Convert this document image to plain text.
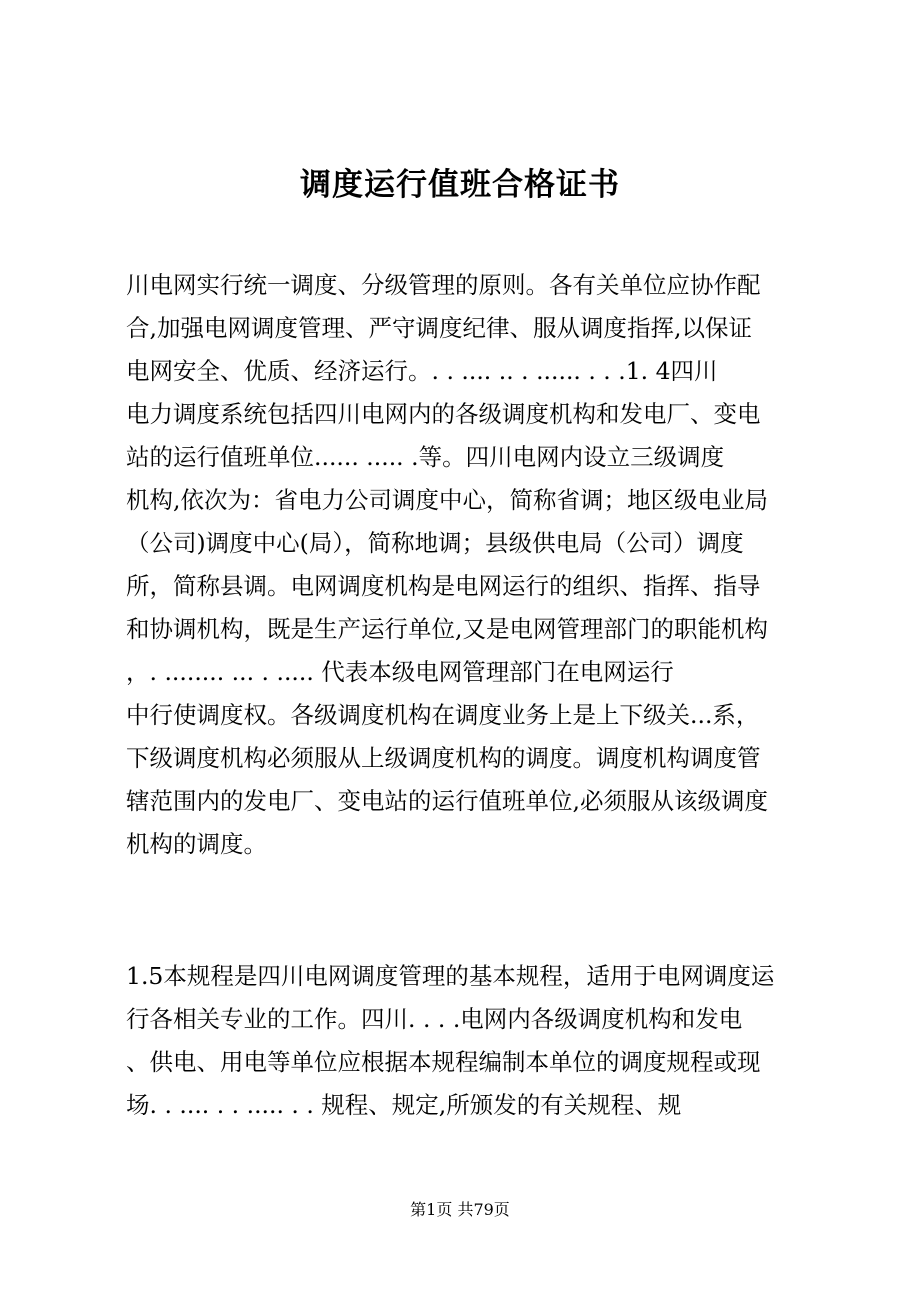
调度运行值班合格证书
川电网实行统一调度、分级管理的原则。各有关单位应协作配
合,加强电网调度管理、严守调度纪律、服从调度指挥,以保证
电网安全、优质、经济运行。. . .... .. . ...... . . .1. 4四川
电力调度系统包括四川电网内的各级调度机构和发电厂、变电
站的运行值班单位...... ..... .等。四川电网内设立三级调度
机构,依次为：省电力公司调度中心，简称省调；地区级电业局
（公司)调度中心(局），简称地调；县级供电局（公司）调度
所，简称县调。电网调度机构是电网运行的组织、指挥、指导
和协调机构，既是生产运行单位,又是电网管理部门的职能机构
，. ........ ... . ..... 代表本级电网管理部门在电网运行
中行使调度权。各级调度机构在调度业务上是上下级关...系，
下级调度机构必须服从上级调度机构的调度。调度机构调度管
辖范围内的发电厂、变电站的运行值班单位,必须服从该级调度
机构的调度。
1.5本规程是四川电网调度管理的基本规程，适用于电网调度运
行各相关专业的工作。四川. . . .电网内各级调度机构和发电
、供电、用电等单位应根据本规程编制本单位的调度规程或现
场. . .... . . ..... . . 规程、规定,所颁发的有关规程、规
第1页 共79页
